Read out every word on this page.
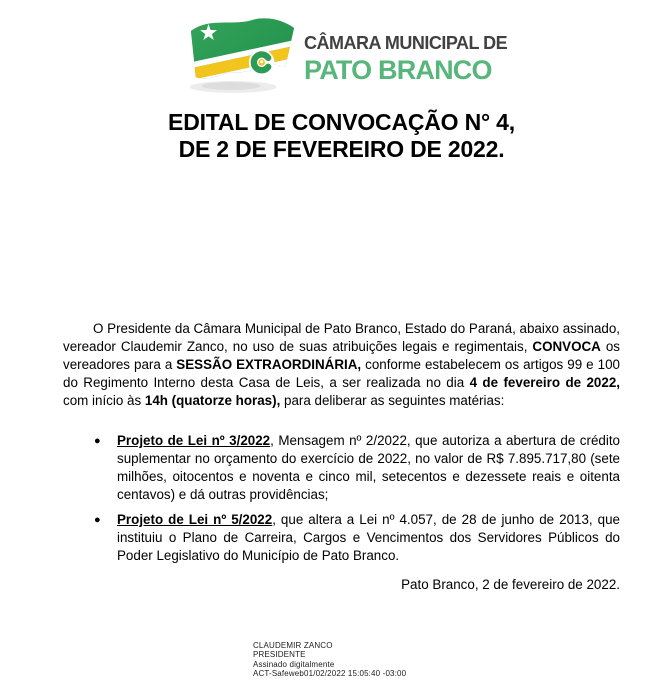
CÂMARA MUNICIPAL DE
PATO BRANCO
EDITAL DE CONVOCAÇÃO N° 4,
DE 2 DE FEVEREIRO DE 2022.

O Presidente da Câmara Municipal de Pato Branco, Estado do Paraná, abaixo assinado, vereador Claudemir Zanco, no uso de suas atribuições legais e regimentais, CONVOCA os vereadores para a SESSÃO EXTRAORDINÁRIA, conforme estabelecem os artigos 99 e 100 do Regimento Interno desta Casa de Leis, a ser realizada no dia 4 de fevereiro de 2022, com início às 14h (quatorze horas), para deliberar as seguintes matérias:

● Projeto de Lei nº 3/2022, Mensagem nº 2/2022, que autoriza a abertura de crédito suplementar no orçamento do exercício de 2022, no valor de R$ 7.895.717,80 (sete milhões, oitocentos e noventa e cinco mil, setecentos e dezessete reais e oitenta centavos) e dá outras providências;
● Projeto de Lei nº 5/2022, que altera a Lei nº 4.057, de 28 de junho de 2013, que instituiu o Plano de Carreira, Cargos e Vencimentos dos Servidores Públicos do Poder Legislativo do Município de Pato Branco.

Pato Branco, 2 de fevereiro de 2022.

CLAUDEMIR ZANCO
PRESIDENTE
Assinado digitalmente
ACT-Safeweb01/02/2022 15:05:40 -03:00
